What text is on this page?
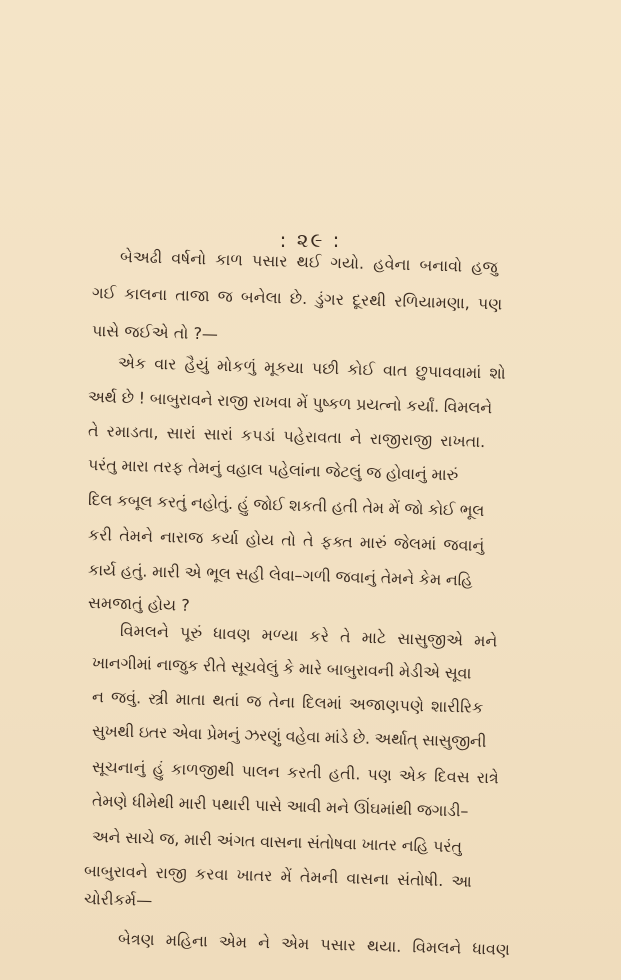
: ૨૯ :
બેઅઢી વર્ષનો કાળ પસાર થઈ ગયો. હવેના બનાવો હજુ
ગઈ કાલના તાજા જ બનેલા છે. ડુંગર દૂરથી રળિયામણા, પણ
પાસે જઈએ તો ?—
એક વાર હૈયું મોકળું મૂકયા પછી કોઈ વાત છુપાવવામાં શો
અર્થ છે ! બાબુરાવને રાજી રાખવા મેં પુષ્કળ પ્રયત્નો કર્યાં. વિમલને
તે રમાડતા, સારાં સારાં કપડાં પહેરાવતા ને રાજીરાજી રાખતા.
પરંતુ મારા તરફ તેમનું વહાલ પહેલાંના જેટલું જ હોવાનું મારું
દિલ કબૂલ કરતું નહોતું. હું જોઈ શકતી હતી તેમ મેં જો કોઈ ભૂલ
કરી તેમને નારાજ કર્યા હોય તો તે ફક્ત મારું જેલમાં જવાનું
કાર્ય હતું. મારી એ ભૂલ સહી લેવા–ગળી જવાનું તેમને કેમ નહિ
સમજાતું હોય ?
વિમલને પૂરું ધાવણ મળ્યા કરે તે માટે સાસુજીએ મને
ખાનગીમાં નાજુક રીતે સૂચવેલું કે મારે બાબુરાવની મેડીએ સૂવા
ન જવું. સ્ત્રી માતા થતાં જ તેના દિલમાં અજાણપણે શારીરિક
સુખથી ઇતર એવા પ્રેમનું ઝરણું વહેવા માંડે છે. અર્થાત્ સાસુજીની
સૂચનાનું હું કાળજીથી પાલન કરતી હતી. પણ એક દિવસ રાત્રે
તેમણે ધીમેથી મારી પથારી પાસે આવી મને ઊંઘમાંથી જગાડી–
અને સાચે જ, મારી અંગત વાસના સંતોષવા ખાતર નહિ પરંતુ
બાબુરાવને રાજી કરવા ખાતર મેં તેમની વાસના સંતોષી. આ
ચોરીકર્મ—
બેત્રણ મહિના એમ ને એમ પસાર થયા. વિમલને ધાવણ
